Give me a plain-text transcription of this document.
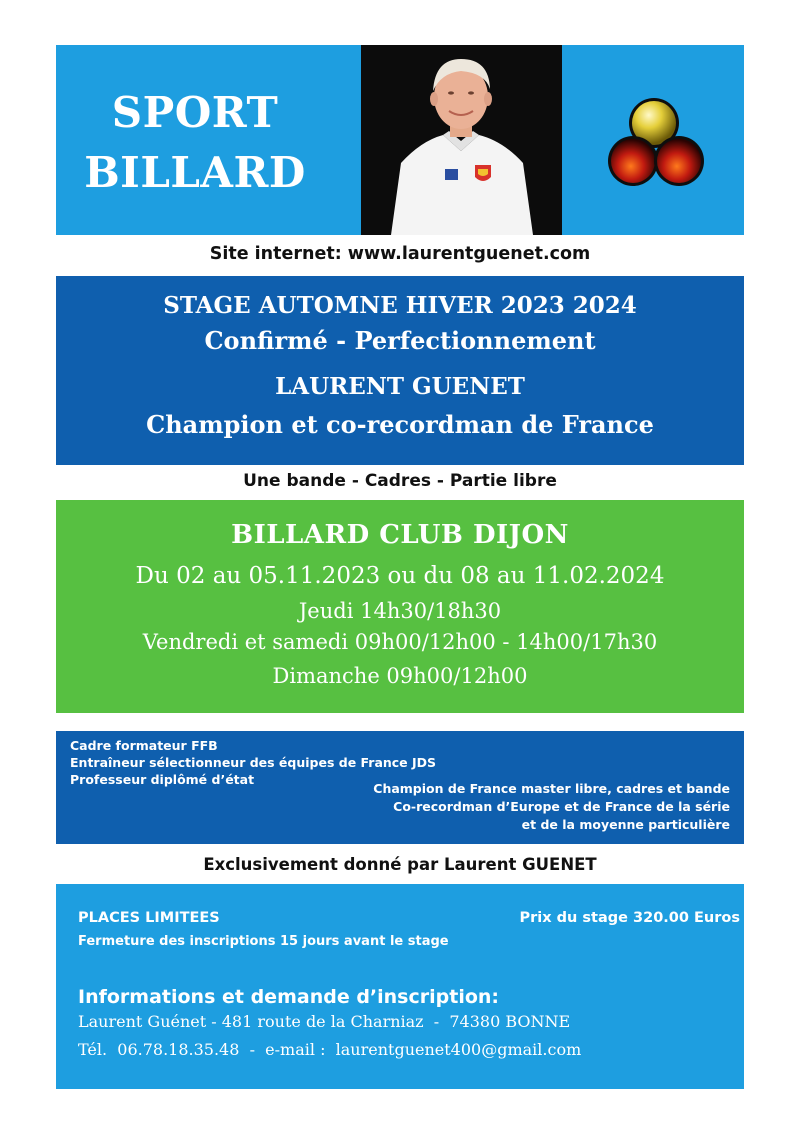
SPORT
BILLARD
Site internet: www.laurentguenet.com
STAGE AUTOMNE HIVER 2023 2024
Confirmé - Perfectionnement
LAURENT GUENET
Champion et co-recordman de France
Une bande - Cadres - Partie libre
BILLARD CLUB DIJON
Du 02 au 05.11.2023 ou du 08 au 11.02.2024
Jeudi 14h30/18h30
Vendredi et samedi 09h00/12h00 - 14h00/17h30
Dimanche 09h00/12h00
Cadre formateur FFB
Entraîneur sélectionneur des équipes de France JDS
Professeur diplômé d’état
Champion de France master libre, cadres et bande
Co-recordman d’Europe et de France de la série
et de la moyenne particulière
Exclusivement donné par Laurent GUENET
PLACES LIMITEES	Prix du stage 320.00 Euros
Fermeture des inscriptions 15 jours avant le stage
Informations et demande d’inscription:
Laurent Guénet - 481 route de la Charniaz  -  74380 BONNE
Tél.  06.78.18.35.48  -  e-mail :  laurentguenet400@gmail.com
